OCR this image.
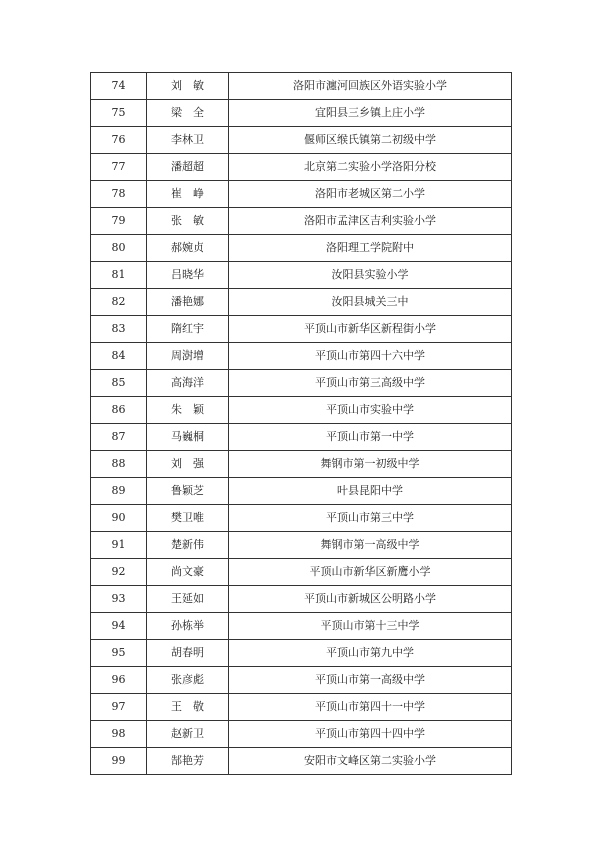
74	刘　敏	洛阳市瀍河回族区外语实验小学
75	梁　全	宜阳县三乡镇上庄小学
76	李林卫	偃师区缑氏镇第二初级中学
77	潘超超	北京第二实验小学洛阳分校
78	崔　峥	洛阳市老城区第二小学
79	张　敏	洛阳市孟津区吉利实验小学
80	郝婉贞	洛阳理工学院附中
81	吕晓华	汝阳县实验小学
82	潘艳娜	汝阳县城关三中
83	隋红宇	平顶山市新华区新程街小学
84	周澍增	平顶山市第四十六中学
85	高海洋	平顶山市第三高级中学
86	朱　颖	平顶山市实验中学
87	马巍桐	平顶山市第一中学
88	刘　强	舞钢市第一初级中学
89	鲁颖芝	叶县昆阳中学
90	樊卫唯	平顶山市第三中学
91	楚新伟	舞钢市第一高级中学
92	尚文豪	平顶山市新华区新鹰小学
93	王延如	平顶山市新城区公明路小学
94	孙栋举	平顶山市第十三中学
95	胡春明	平顶山市第九中学
96	张彦彪	平顶山市第一高级中学
97	王　敬	平顶山市第四十一中学
98	赵新卫	平顶山市第四十四中学
99	郜艳芳	安阳市文峰区第二实验小学
